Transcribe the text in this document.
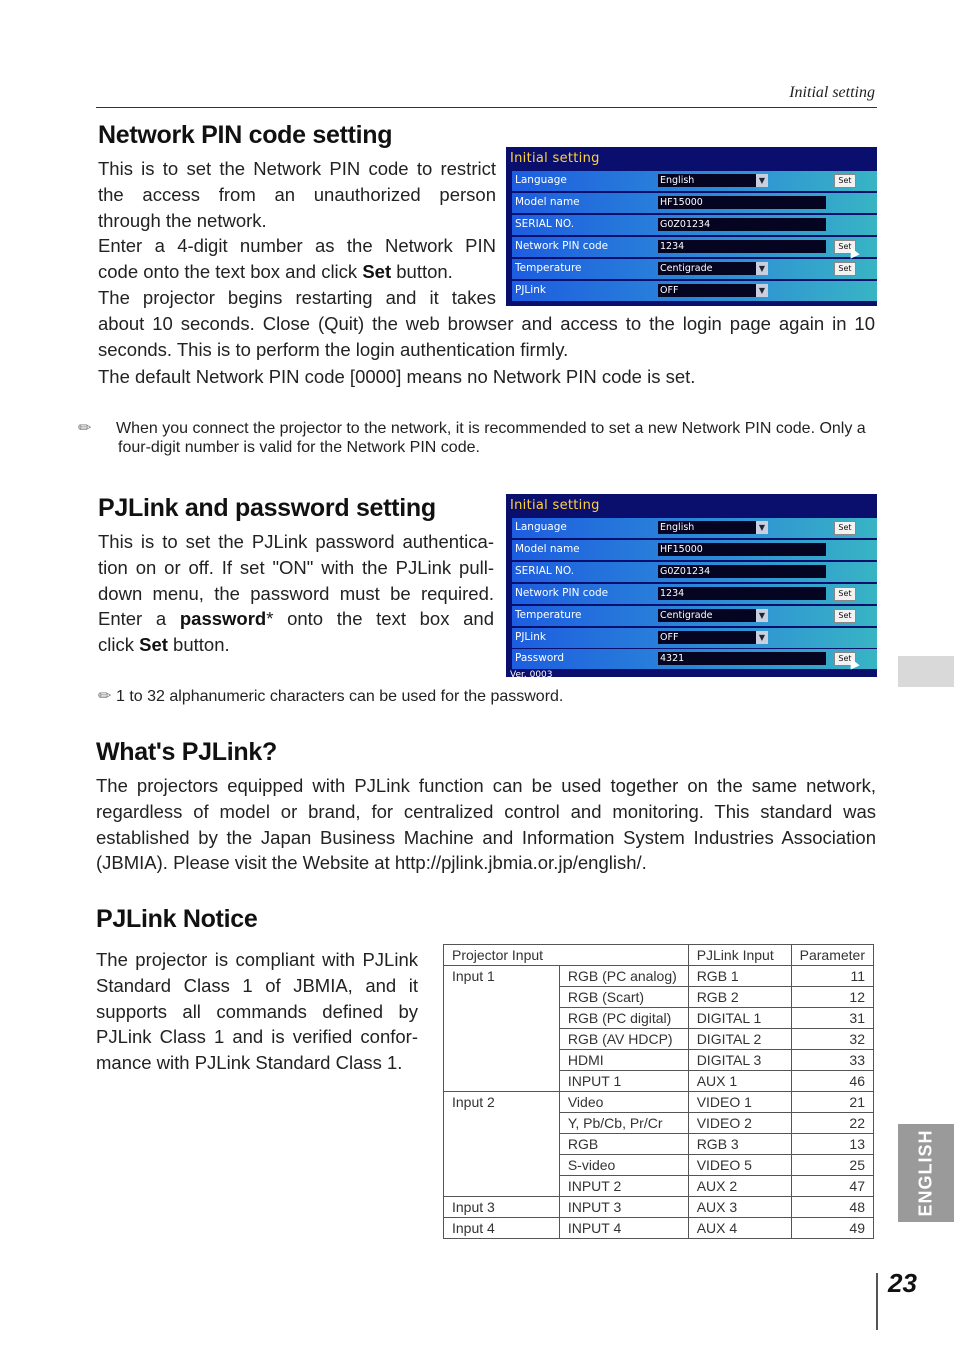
Initial setting
Network PIN code setting
This is to set the Network PIN code to restrict
the access from an unauthorized person
through the network.
Enter a 4-digit number as the Network PIN
code onto the text box and click Set button.
The projector begins restarting and it takes
about 10 seconds. Close (Quit) the web browser and access to the login page again in 10 seconds. This is to perform the login authentication firmly.
The default Network PIN code [0000] means no Network PIN code is set.
✏ When you connect the projector to the network, it is recommended to set a new Network PIN code. Only a four-digit number is valid for the Network PIN code.
Initial setting
Language	English	▼	Set
Model name	HF15000
SERIAL NO.	G0Z01234
Network PIN code	1234	Set
Temperature	Centigrade	▼	Set
PJLink	OFF	▼
PJLink and password setting
This is to set the PJLink password authentica-
tion on or off. If set "ON" with the PJLink pull-
down menu, the password must be required.
Enter a password* onto the text box and
click Set button.
✏ 1 to 32 alphanumeric characters can be used for the password.
Initial setting
Language	English	▼	Set
Model name	HF15000
SERIAL NO.	G0Z01234
Network PIN code	1234	Set
Temperature	Centigrade	▼	Set
PJLink	OFF	▼
Password	4321	Set
Ver. 0003
What's PJLink?
The projectors equipped with PJLink function can be used together on the same network, regardless of model or brand, for centralized control and monitoring. This standard was established by the Japan Business Machine and Information System Industries Association (JBMIA). Please visit the Website at http://pjlink.jbmia.or.jp/english/.
PJLink Notice
The projector is compliant with PJLink Standard Class 1 of JBMIA, and it supports all commands defined by PJLink Class 1 and is verified confor- mance with PJLink Standard Class 1.
Projector Input		PJLink Input	Parameter
Input 1	RGB (PC analog)	RGB 1	11
	RGB (Scart)	RGB 2	12
	RGB (PC digital)	DIGITAL 1	31
	RGB (AV HDCP)	DIGITAL 2	32
	HDMI	DIGITAL 3	33
	INPUT 1	AUX 1	46
Input 2	Video	VIDEO 1	21
	Y, Pb/Cb, Pr/Cr	VIDEO 2	22
	RGB	RGB 3	13
	S-video	VIDEO 5	25
	INPUT 2	AUX 2	47
Input 3	INPUT 3	AUX 3	48
Input 4	INPUT 4	AUX 4	49
ENGLISH
23
